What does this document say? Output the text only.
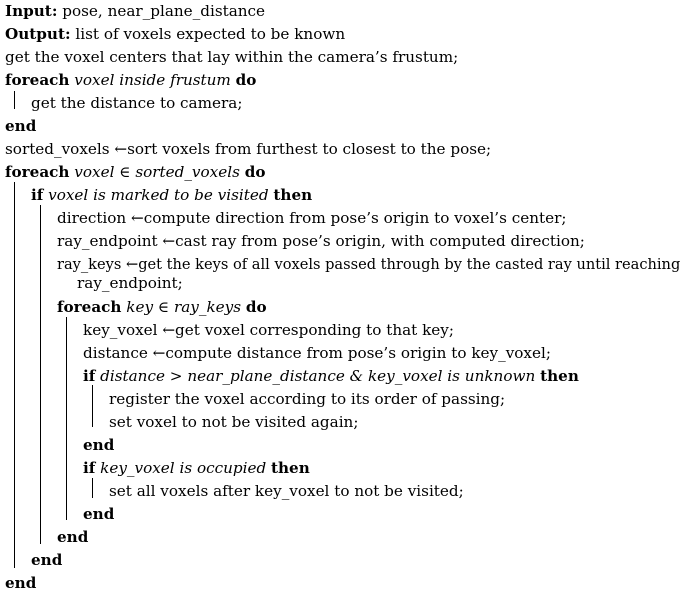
Input: pose, near_plane_distance
Output: list of voxels expected to be known
get the voxel centers that lay within the camera’s frustum;
foreach voxel inside frustum do
get the distance to camera;
end
sorted_voxels ←sort voxels from furthest to closest to the pose;
foreach voxel ∈ sorted_voxels do
if voxel is marked to be visited then
direction ←compute direction from pose’s origin to voxel’s center;
ray_endpoint ←cast ray from pose’s origin, with computed direction;
ray_keys ←get the keys of all voxels passed through by the casted ray until reaching
ray_endpoint;
foreach key ∈ ray_keys do
key_voxel ←get voxel corresponding to that key;
distance ←compute distance from pose’s origin to key_voxel;
if distance > near_plane_distance & key_voxel is unknown then
register the voxel according to its order of passing;
set voxel to not be visited again;
end
if key_voxel is occupied then
set all voxels after key_voxel to not be visited;
end
end
end
end
